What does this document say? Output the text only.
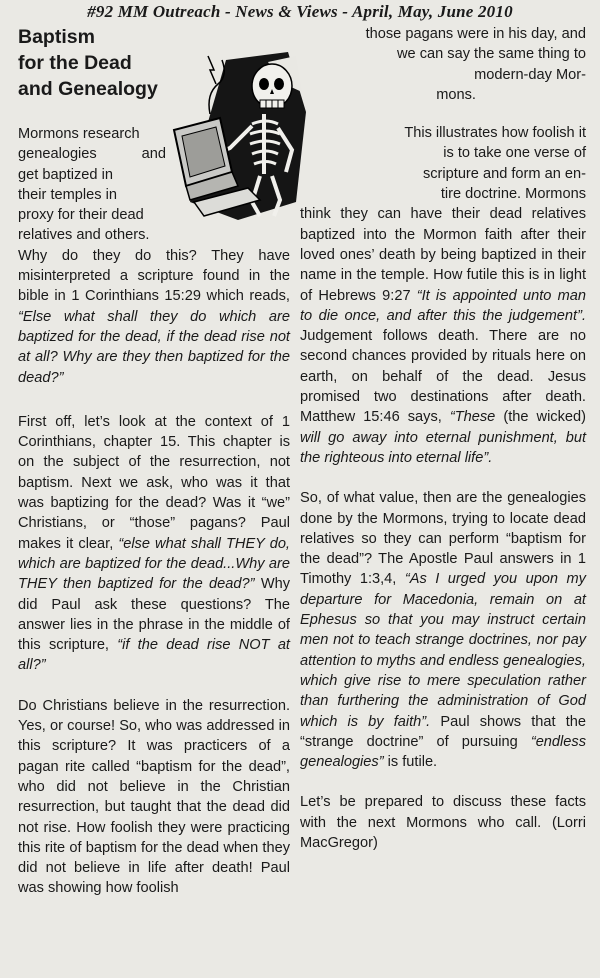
#92 MM Outreach - News & Views - April, May, June 2010
Baptism
for the Dead
and Genealogy

Mormons research

genealogies and

get baptized in

their temples in

proxy for their dead

relatives and others.

Why do they do this? They have misinterpreted a scripture found in the bible in 1 Corinthians 15:29 which reads, “Else what shall they do which are baptized for the dead, if the dead rise not at all? Why are they then baptized for the dead?”

First off, let’s look at the context of 1 Corinthians, chapter 15. This chapter is on the subject of the resurrection, not baptism. Next we ask, who was it that was baptizing for the dead? Was it “we” Christians, or “those” pagans? Paul makes it clear, “else what shall THEY do, which are baptized for the dead...Why are THEY then baptized for the dead?” Why did Paul ask these questions? The answer lies in the phrase in the middle of this scripture, “if the dead rise NOT at all?”

Do Christians believe in the resurrection. Yes, or course! So, who was addressed in this scripture? It was practicers of a pagan rite called “baptism for the dead”, who did not believe in the Christian resurrection, but taught that the dead did not rise. How foolish they were practicing this rite of baptism for the dead when they did not believe in life after death! Paul was showing how foolish

those pagans were in his day, and

we can say the same thing to

modern-day Mor-

mons.

This illustrates how foolish it

is to take one verse of

scripture and form an en-

tire doctrine. Mormons

think they can have their dead relatives baptized into the Mormon faith after their loved ones’ death by being baptized in their name in the temple. How futile this is in light of Hebrews 9:27 “It is appointed unto man to die once, and after this the judgement”. Judgement follows death. There are no second chances provided by rituals here on earth, on behalf of the dead. Jesus promised two destinations after death. Matthew 15:46 says, “These (the wicked) will go away into eternal punishment, but the righteous into eternal life”.

So, of what value, then are the genealogies done by the Mormons, trying to locate dead relatives so they can perform “baptism for the dead”? The Apostle Paul answers in 1 Timothy 1:3,4, “As I urged you upon my departure for Macedonia, remain on at Ephesus so that you may instruct certain men not to teach strange doctrines, nor pay attention to myths and endless genealogies, which give rise to mere speculation rather than furthering the administration of God which is by faith”. Paul shows that the “strange doctrine” of pursuing “endless genealogies” is futile.

Let’s be prepared to discuss these facts with the next Mormons who call. (Lorri MacGregor)
